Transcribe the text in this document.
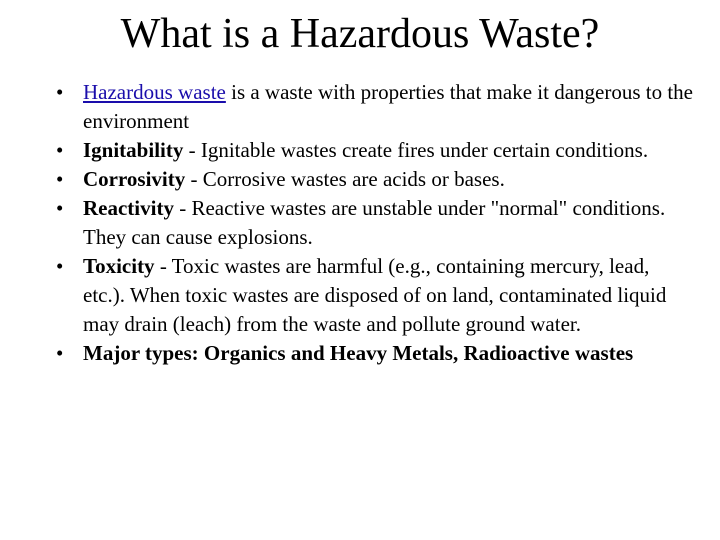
What is a Hazardous Waste?
• Hazardous waste is a waste with properties that make it dangerous to the environment
• Ignitability - Ignitable wastes create fires under certain conditions.
• Corrosivity - Corrosive wastes are acids or bases.
• Reactivity - Reactive wastes are unstable under "normal" conditions. They can cause explosions.
• Toxicity - Toxic wastes are harmful (e.g., containing mercury, lead, etc.). When toxic wastes are disposed of on land, contaminated liquid may drain (leach) from the waste and pollute ground water.
• Major types: Organics and Heavy Metals, Radioactive wastes
